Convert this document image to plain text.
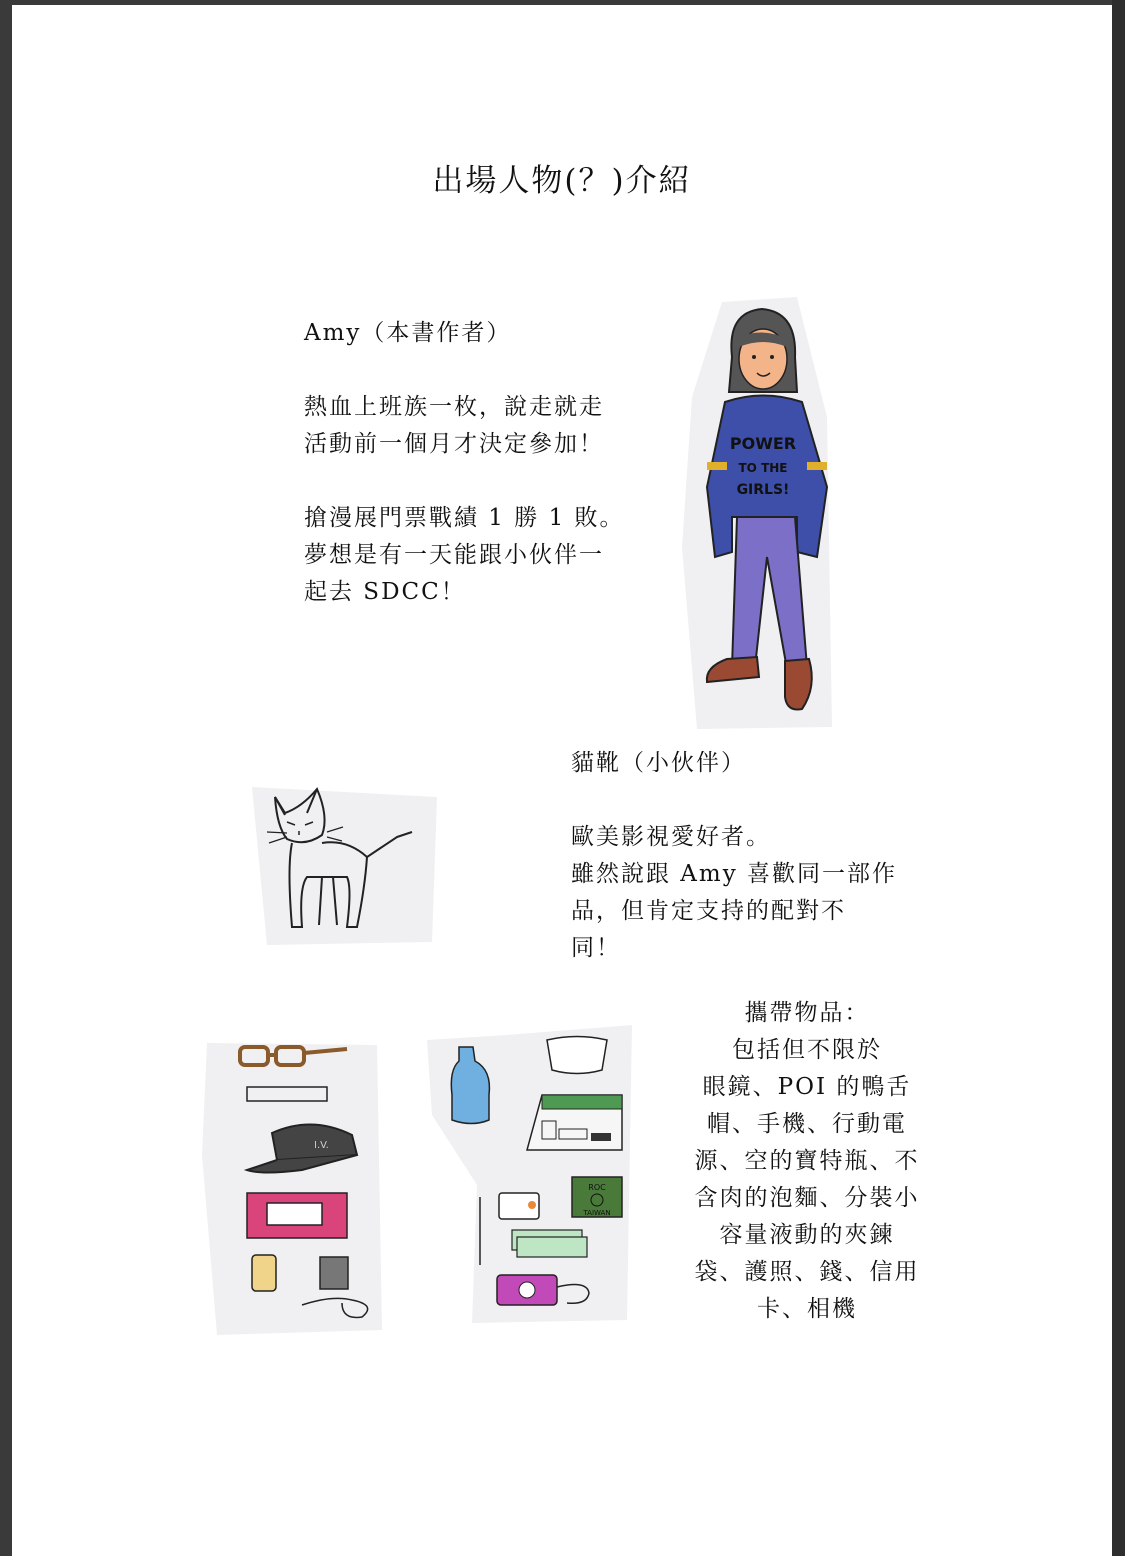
出場人物(？)介紹

Amy（本書作者）

熱血上班族一枚，說走就走

活動前一個月才決定參加！

搶漫展門票戰績 1 勝 1 敗。

夢想是有一天能跟小伙伴一

起去 SDCC！

POWER
TO THE
GIRLS!

貓靴（小伙伴）

歐美影視愛好者。

雖然說跟 Amy 喜歡同一部作

品，但肯定支持的配對不

同！

I.V.
ROC
TAIWAN

攜帶物品：

包括但不限於

眼鏡、POI 的鴨舌

帽、手機、行動電

源、空的寶特瓶、不

含肉的泡麵、分裝小

容量液動的夾鍊

袋、護照、錢、信用

卡、相機
